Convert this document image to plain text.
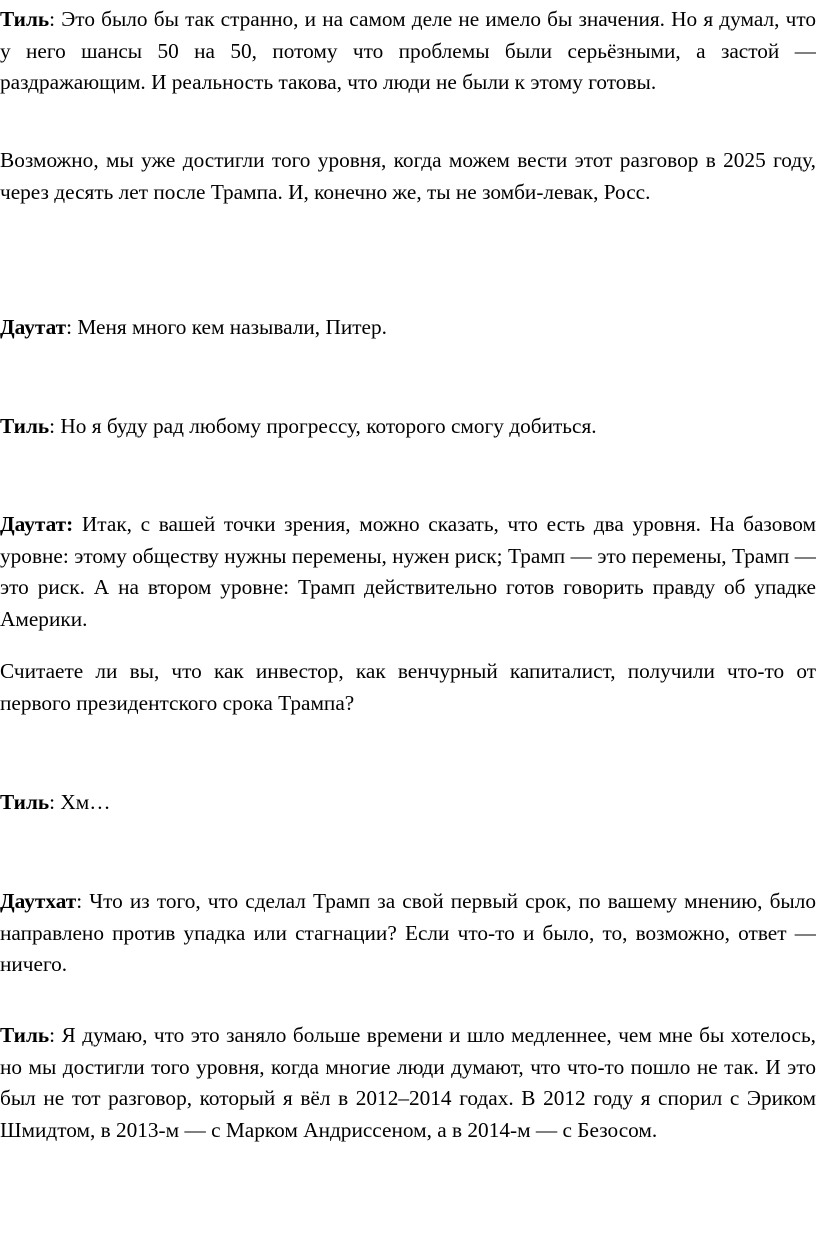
Тиль: Это было бы так странно, и на самом деле не имело бы значения. Но я думал, что у него шансы 50 на 50, потому что проблемы были серьёзными, а застой — раздражающим. И реальность такова, что люди не были к этому готовы.

Возможно, мы уже достигли того уровня, когда можем вести этот разговор в 2025 году, через десять лет после Трампа. И, конечно же, ты не зомби-левак, Росс.

Даутат: Меня много кем называли, Питер.

Тиль: Но я буду рад любому прогрессу, которого смогу добиться.

Даутат: Итак, с вашей точки зрения, можно сказать, что есть два уровня. На базовом уровне: этому обществу нужны перемены, нужен риск; Трамп — это перемены, Трамп — это риск. А на втором уровне: Трамп действительно готов говорить правду об упадке Америки.

Считаете ли вы, что как инвестор, как венчурный капиталист, получили что-то от первого президентского срока Трампа?

Тиль: Хм…

Даутхат: Что из того, что сделал Трамп за свой первый срок, по вашему мнению, было направлено против упадка или стагнации? Если что-то и было, то, возможно, ответ — ничего.

Тиль: Я думаю, что это заняло больше времени и шло медленнее, чем мне бы хотелось, но мы достигли того уровня, когда многие люди думают, что что-то пошло не так. И это был не тот разговор, который я вёл в 2012–2014 годах. В 2012 году я спорил с Эриком Шмидтом, в 2013-м — с Марком Андриссеном, а в 2014-м — с Безосом.
